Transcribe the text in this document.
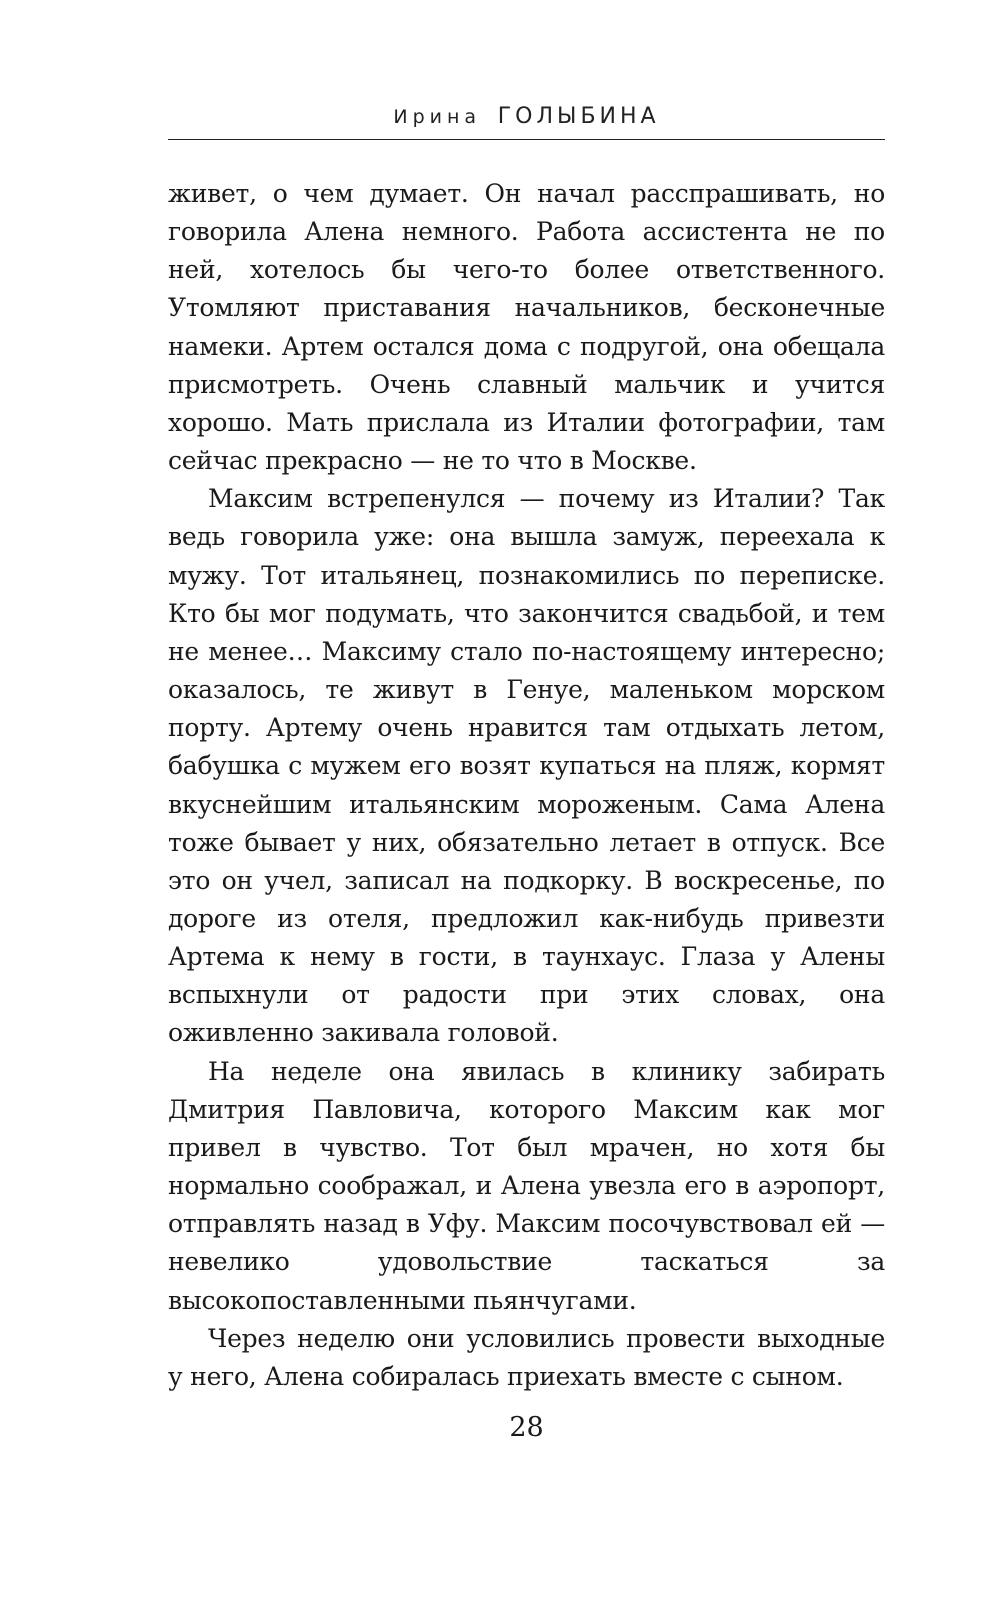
Ирина ГОЛЫБИНА

живет, о чем думает. Он начал расспрашивать, но говорила Алена немного. Работа ассистента не по ней, хотелось бы чего-то более ответственного. Утомляют приставания начальников, бесконечные намеки. Артем остался дома с подругой, она обещала присмотреть. Очень славный мальчик и учится хорошо. Мать прислала из Италии фотографии, там сейчас прекрасно — не то что в Москве.

Максим встрепенулся — почему из Италии? Так ведь говорила уже: она вышла замуж, переехала к мужу. Тот итальянец, познакомились по переписке. Кто бы мог подумать, что закончится свадьбой, и тем не менее… Максиму стало по-настоящему интересно; оказалось, те живут в Генуе, маленьком морском порту. Артему очень нравится там отдыхать летом, бабушка с мужем его возят купаться на пляж, кормят вкуснейшим итальянским мороженым. Сама Алена тоже бывает у них, обязательно летает в отпуск. Все это он учел, записал на подкорку. В воскресенье, по дороге из отеля, предложил как-нибудь привезти Артема к нему в гости, в таунхаус. Глаза у Алены вспыхнули от радости при этих словах, она оживленно закивала головой.

На неделе она явилась в клинику забирать Дмитрия Павловича, которого Максим как мог привел в чувство. Тот был мрачен, но хотя бы нормально соображал, и Алена увезла его в аэропорт, отправлять назад в Уфу. Максим посочувствовал ей — невелико удовольствие таскаться за высокопоставленными пьянчугами.

Через неделю они условились провести выходные у него, Алена собиралась приехать вместе с сыном.

28
